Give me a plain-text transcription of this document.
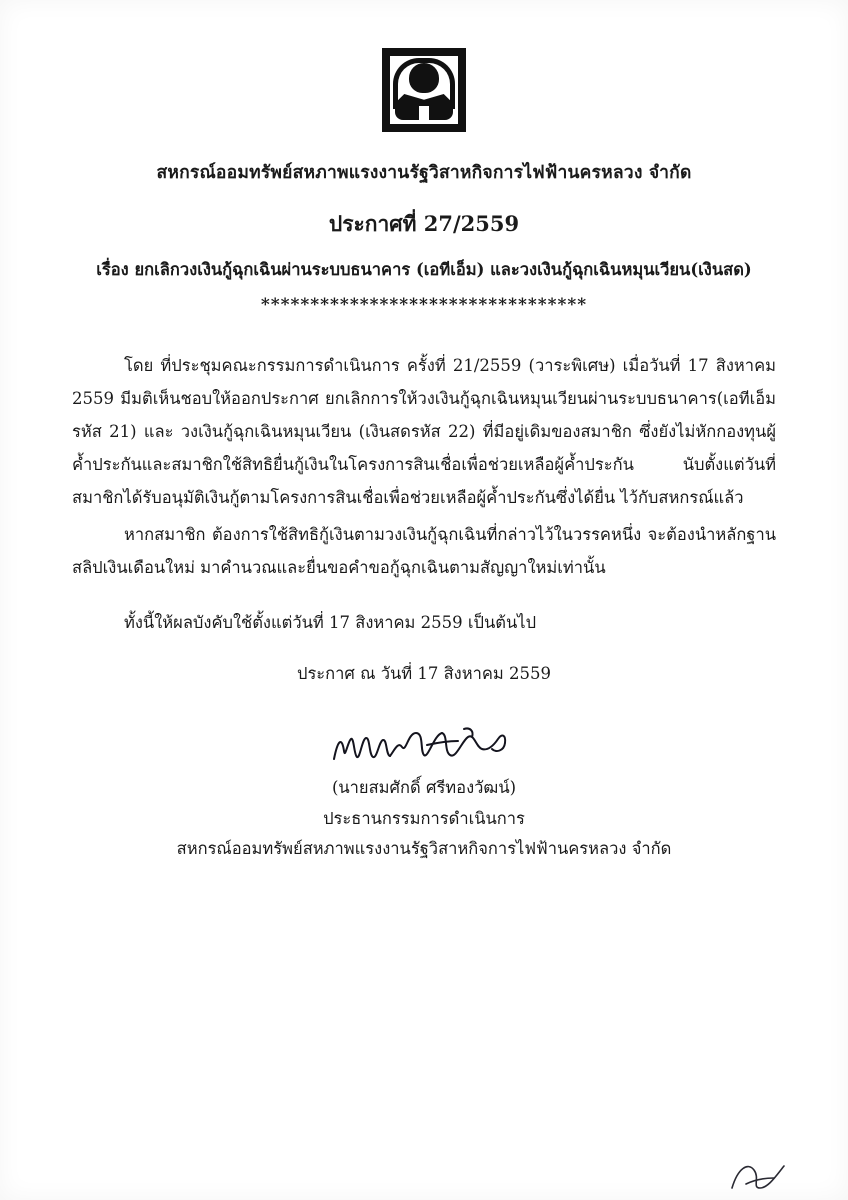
สหกรณ์ออมทรัพย์สหภาพแรงงานรัฐวิสาหกิจการไฟฟ้านครหลวง จำกัด
ประกาศที่ 27/2559
เรื่อง ยกเลิกวงเงินกู้ฉุกเฉินผ่านระบบธนาคาร (เอทีเอ็ม) และวงเงินกู้ฉุกเฉินหมุนเวียน(เงินสด)
*********************************

โดย ที่ประชุมคณะกรรมการดำเนินการ ครั้งที่ 21/2559 (วาระพิเศษ) เมื่อวันที่ 17 สิงหาคม 2559 มีมติเห็นชอบให้ออกประกาศ ยกเลิกการให้วงเงินกู้ฉุกเฉินหมุนเวียนผ่านระบบธนาคาร(เอทีเอ็ม รหัส 21) และ วงเงินกู้ฉุกเฉินหมุนเวียน (เงินสดรหัส 22) ที่มีอยู่เดิมของสมาชิก ซึ่งยังไม่หักกองทุนผู้ค้ำประกันและสมาชิกใช้สิทธิยื่นกู้เงินในโครงการสินเชื่อเพื่อช่วยเหลือผู้ค้ำประกัน นับตั้งแต่วันที่สมาชิกได้รับอนุมัติเงินกู้ตามโครงการสินเชื่อเพื่อช่วยเหลือผู้ค้ำประกันซึ่งได้ยื่น ไว้กับสหกรณ์แล้ว

หากสมาชิก ต้องการใช้สิทธิกู้เงินตามวงเงินกู้ฉุกเฉินที่กล่าวไว้ในวรรคหนึ่ง จะต้องนำหลักฐานสลิปเงินเดือนใหม่ มาคำนวณและยื่นขอคำขอกู้ฉุกเฉินตามสัญญาใหม่เท่านั้น

ทั้งนี้ให้ผลบังคับใช้ตั้งแต่วันที่ 17 สิงหาคม 2559 เป็นต้นไป
ประกาศ ณ วันที่ 17 สิงหาคม 2559
(นายสมศักดิ์ ศรีทองวัฒน์)
ประธานกรรมการดำเนินการ
สหกรณ์ออมทรัพย์สหภาพแรงงานรัฐวิสาหกิจการไฟฟ้านครหลวง จำกัด
